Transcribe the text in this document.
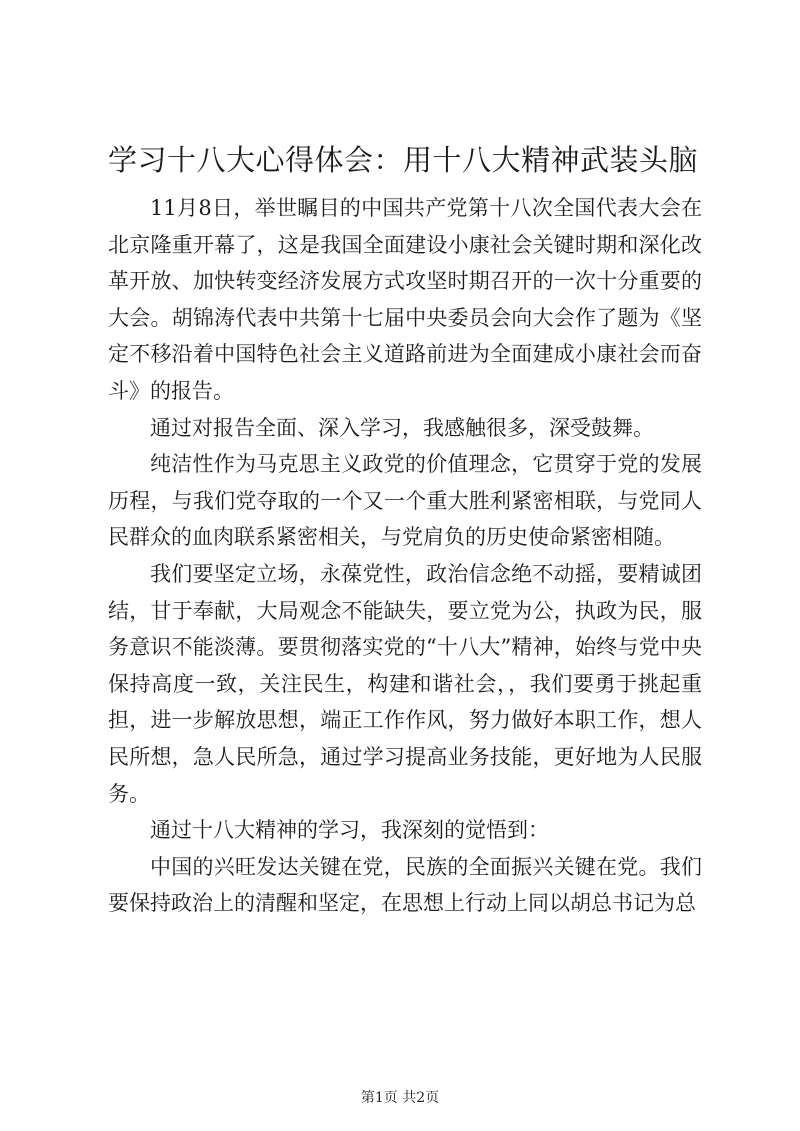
学习十八大心得体会：用十八大精神武装头脑

11月8日，举世瞩目的中国共产党第十八次全国代表大会在北京隆重开幕了，这是我国全面建设小康社会关键时期和深化改革开放、加快转变经济发展方式攻坚时期召开的一次十分重要的大会。胡锦涛代表中共第十七届中央委员会向大会作了题为《坚定不移沿着中国特色社会主义道路前进为全面建成小康社会而奋斗》的报告。

通过对报告全面、深入学习，我感触很多，深受鼓舞。

纯洁性作为马克思主义政党的价值理念，它贯穿于党的发展历程，与我们党夺取的一个又一个重大胜利紧密相联，与党同人民群众的血肉联系紧密相关，与党肩负的历史使命紧密相随。

我们要坚定立场，永葆党性，政治信念绝不动摇，要精诚团结，甘于奉献，大局观念不能缺失，要立党为公，执政为民，服务意识不能淡薄。要贯彻落实党的“十八大”精神，始终与党中央保持高度一致，关注民生，构建和谐社会，，我们要勇于挑起重担，进一步解放思想，端正工作作风，努力做好本职工作，想人民所想，急人民所急，通过学习提高业务技能，更好地为人民服务。

通过十八大精神的学习，我深刻的觉悟到：

中国的兴旺发达关键在党，民族的全面振兴关键在党。我们要保持政治上的清醒和坚定，在思想上行动上同以胡总书记为总

第1页 共2页
